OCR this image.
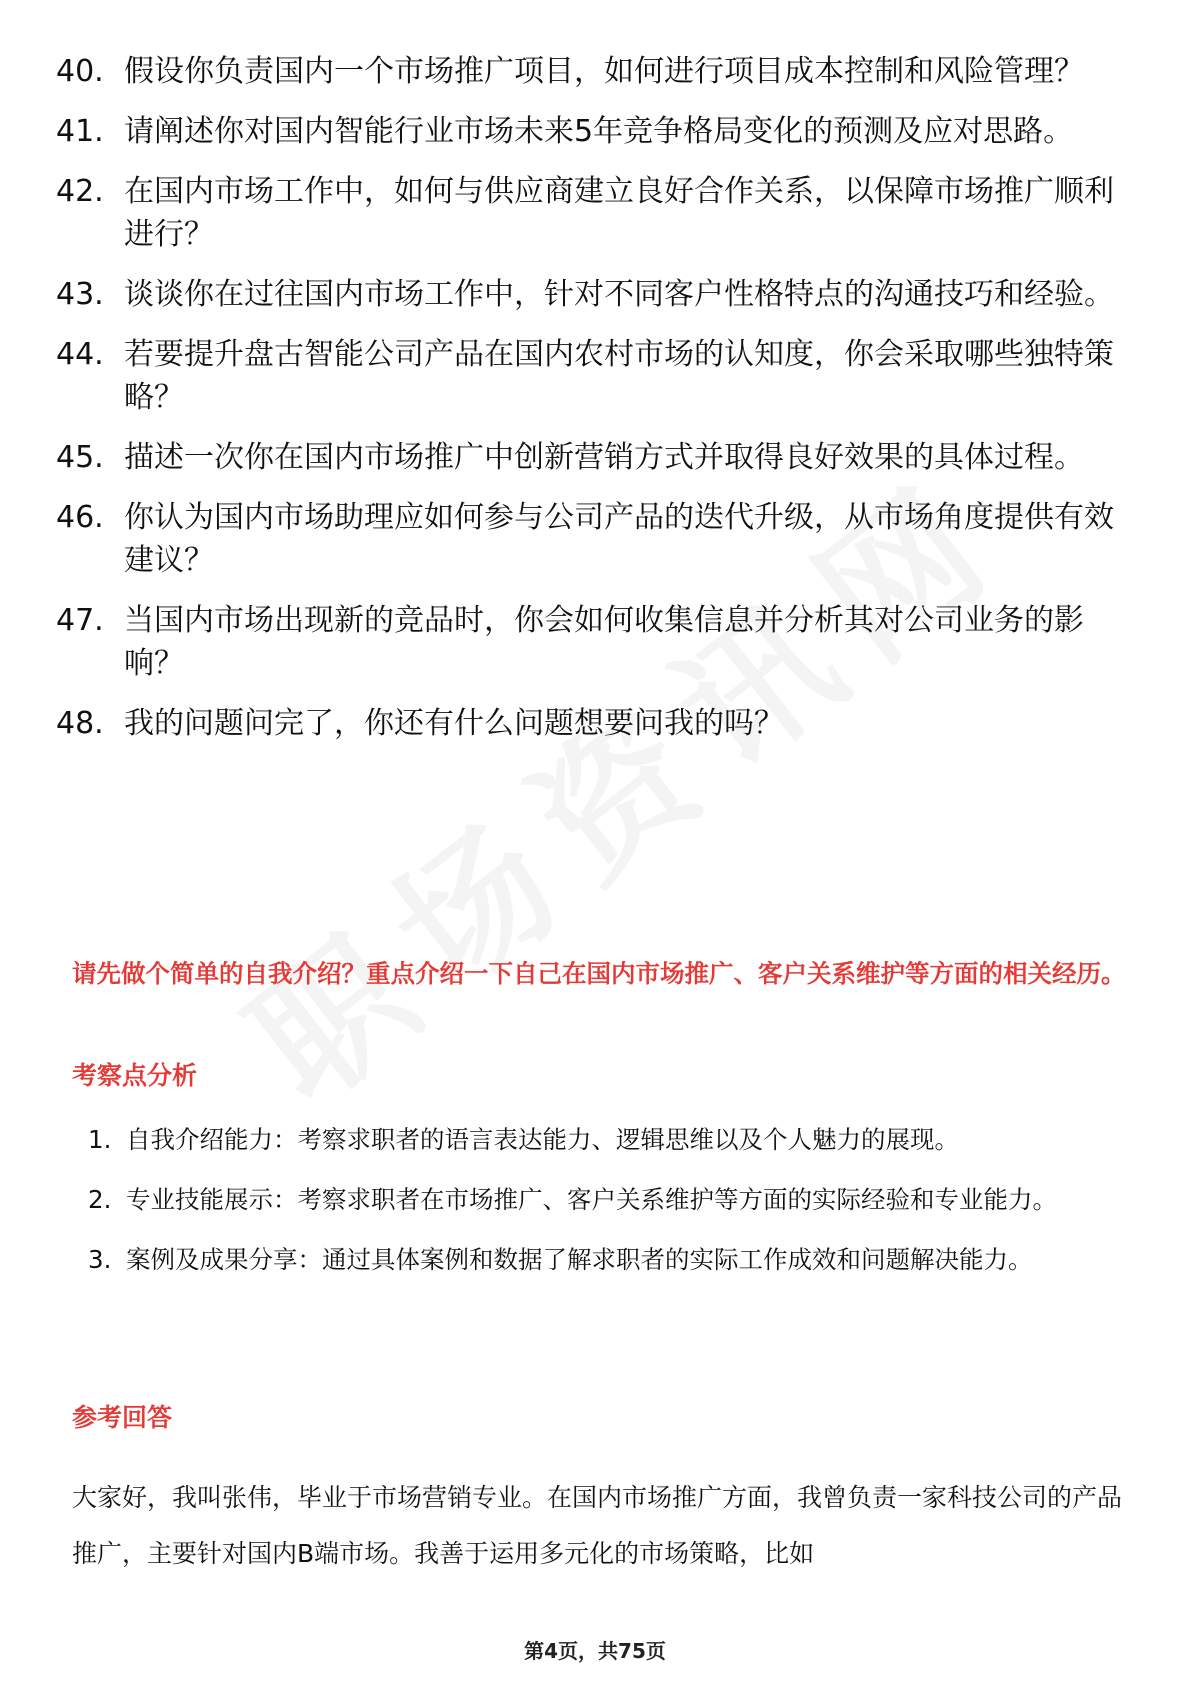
40. 假设你负责国内一个市场推广项目，如何进行项目成本控制和风险管理？
41. 请阐述你对国内智能行业市场未来5年竞争格局变化的预测及应对思路。
42. 在国内市场工作中，如何与供应商建立良好合作关系，以保障市场推广顺利进行？
43. 谈谈你在过往国内市场工作中，针对不同客户性格特点的沟通技巧和经验。
44. 若要提升盘古智能公司产品在国内农村市场的认知度，你会采取哪些独特策略？
45. 描述一次你在国内市场推广中创新营销方式并取得良好效果的具体过程。
46. 你认为国内市场助理应如何参与公司产品的迭代升级，从市场角度提供有效建议？
47. 当国内市场出现新的竞品时，你会如何收集信息并分析其对公司业务的影响？
48. 我的问题问完了，你还有什么问题想要问我的吗？

请先做个简单的自我介绍？重点介绍一下自己在国内市场推广、客户关系维护等方面的相关经历。

考察点分析

1. 自我介绍能力：考察求职者的语言表达能力、逻辑思维以及个人魅力的展现。
2. 专业技能展示：考察求职者在市场推广、客户关系维护等方面的实际经验和专业能力。
3. 案例及成果分享：通过具体案例和数据了解求职者的实际工作成效和问题解决能力。

参考回答

大家好，我叫张伟，毕业于市场营销专业。在国内市场推广方面，我曾负责一家科技公司的产品推广，主要针对国内B端市场。我善于运用多元化的市场策略，比如

第4页，共75页
